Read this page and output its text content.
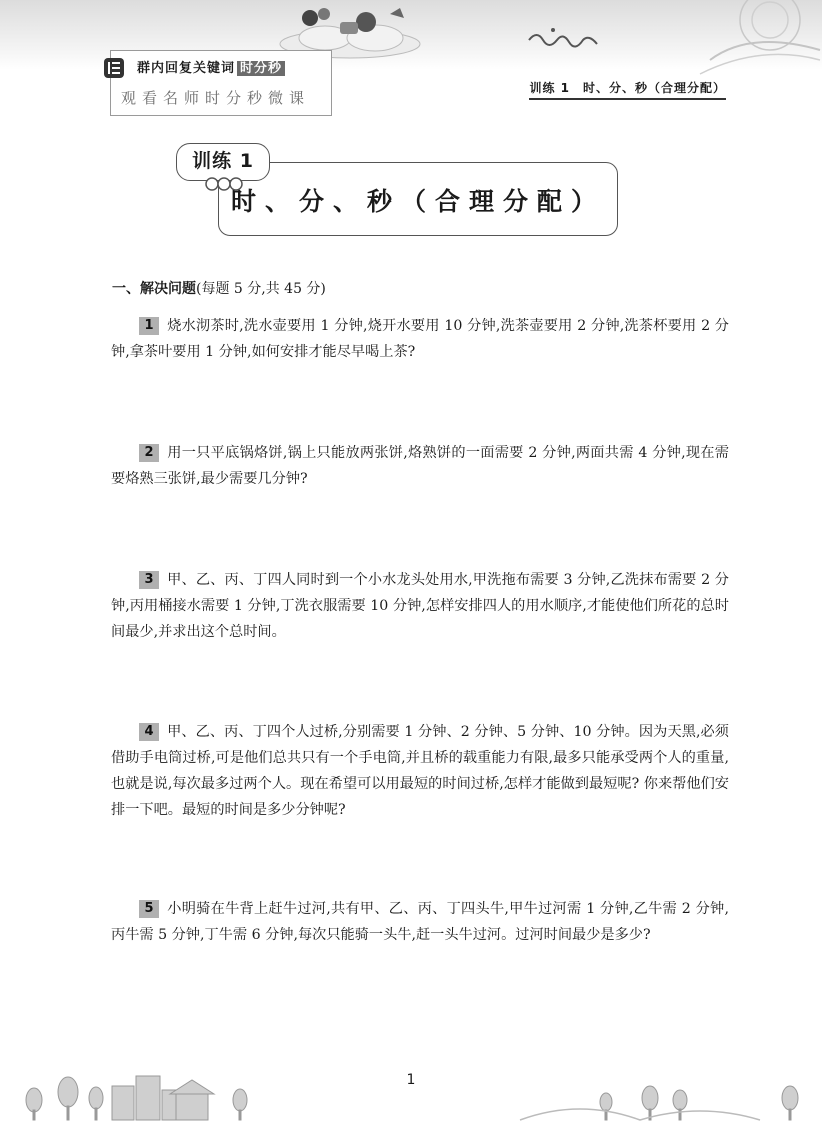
群内回复关键词 时分秒
观看名师时分秒微课
训练 1　时、分、秒（合理分配）
训练 1
时、分、秒（合理分配）
一、解决问题(每题 5 分,共 45 分)
1 烧水沏茶时,洗水壶要用 1 分钟,烧开水要用 10 分钟,洗茶壶要用 2 分钟,洗茶杯要用 2 分钟,拿茶叶要用 1 分钟,如何安排才能尽早喝上茶?
2 用一只平底锅烙饼,锅上只能放两张饼,烙熟饼的一面需要 2 分钟,两面共需 4 分钟,现在需要烙熟三张饼,最少需要几分钟?
3 甲、乙、丙、丁四人同时到一个小水龙头处用水,甲洗拖布需要 3 分钟,乙洗抹布需要 2 分钟,丙用桶接水需要 1 分钟,丁洗衣服需要 10 分钟,怎样安排四人的用水顺序,才能使他们所花的总时间最少,并求出这个总时间。
4 甲、乙、丙、丁四个人过桥,分别需要 1 分钟、2 分钟、5 分钟、10 分钟。因为天黑,必须借助手电筒过桥,可是他们总共只有一个手电筒,并且桥的载重能力有限,最多只能承受两个人的重量,也就是说,每次最多过两个人。现在希望可以用最短的时间过桥,怎样才能做到最短呢? 你来帮他们安排一下吧。最短的时间是多少分钟呢?
5 小明骑在牛背上赶牛过河,共有甲、乙、丙、丁四头牛,甲牛过河需 1 分钟,乙牛需 2 分钟,丙牛需 5 分钟,丁牛需 6 分钟,每次只能骑一头牛,赶一头牛过河。过河时间最少是多少?
1
